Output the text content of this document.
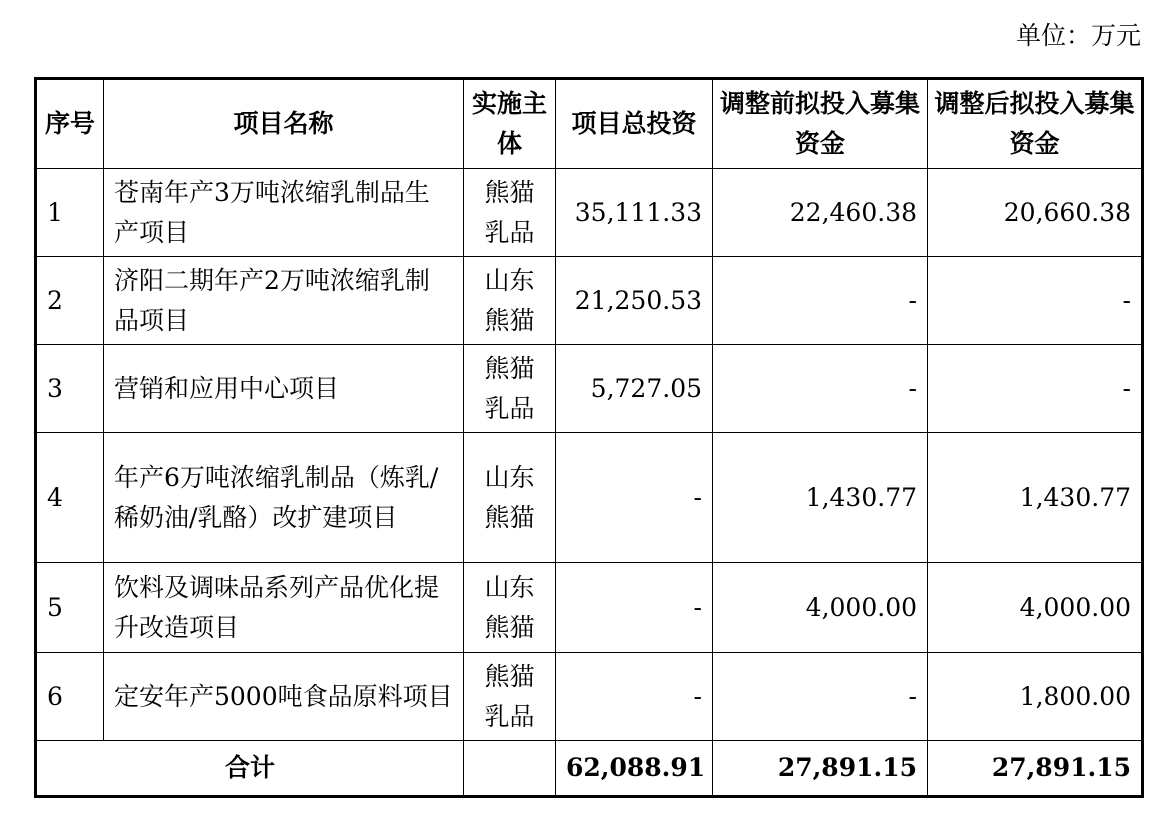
单位：万元
序号	项目名称	实施主体	项目总投资	调整前拟投入募集资金	调整后拟投入募集资金
1	苍南年产3万吨浓缩乳制品生产项目	熊猫乳品	35,111.33	22,460.38	20,660.38
2	济阳二期年产2万吨浓缩乳制品项目	山东熊猫	21,250.53	-	-
3	营销和应用中心项目	熊猫乳品	5,727.05	-	-
4	年产6万吨浓缩乳制品（炼乳/稀奶油/乳酪）改扩建项目	山东熊猫	-	1,430.77	1,430.77
5	饮料及调味品系列产品优化提升改造项目	山东熊猫	-	4,000.00	4,000.00
6	定安年产5000吨食品原料项目	熊猫乳品	-	-	1,800.00
合计			62,088.91	27,891.15	27,891.15
